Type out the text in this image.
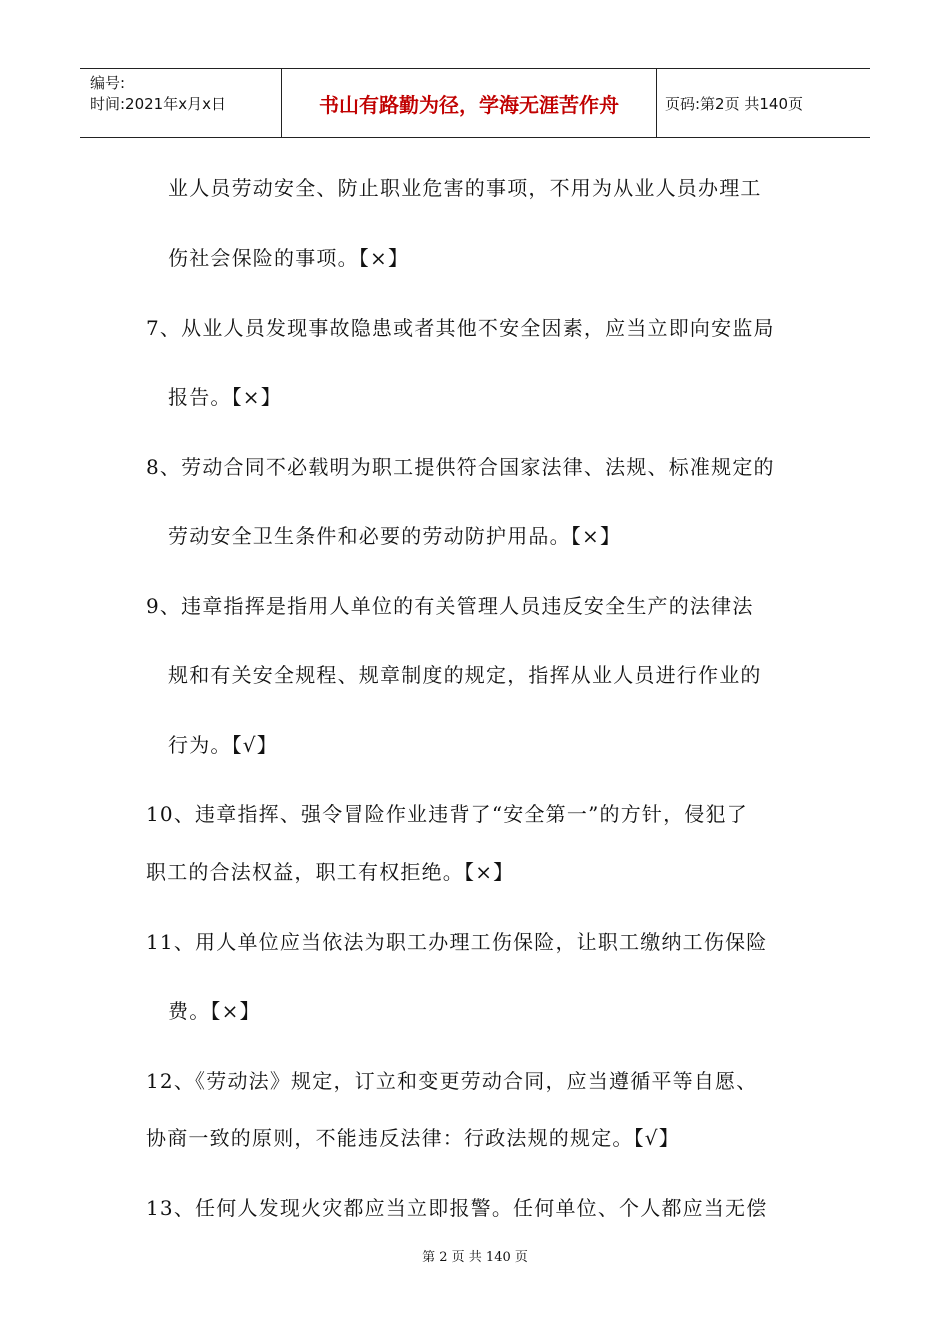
编号:
时间:2021年x月x日	书山有路勤为径，学海无涯苦作舟	页码:第2页 共140页
业人员劳动安全、防止职业危害的事项，不用为从业人员办理工
伤社会保险的事项。【×】
7、从业人员发现事故隐患或者其他不安全因素，应当立即向安监局
报告。【×】
8、劳动合同不必载明为职工提供符合国家法律、法规、标准规定的
劳动安全卫生条件和必要的劳动防护用品。【×】
9、违章指挥是指用人单位的有关管理人员违反安全生产的法律法
规和有关安全规程、规章制度的规定，指挥从业人员进行作业的
行为。【√】
10、违章指挥、强令冒险作业违背了“安全第一”的方针，侵犯了
职工的合法权益，职工有权拒绝。【×】
11、用人单位应当依法为职工办理工伤保险，让职工缴纳工伤保险
费。【×】
12、《劳动法》规定，订立和变更劳动合同，应当遵循平等自愿、
协商一致的原则，不能违反法律：行政法规的规定。【√】
13、任何人发现火灾都应当立即报警。任何单位、个人都应当无偿
第 2 页 共 140 页
